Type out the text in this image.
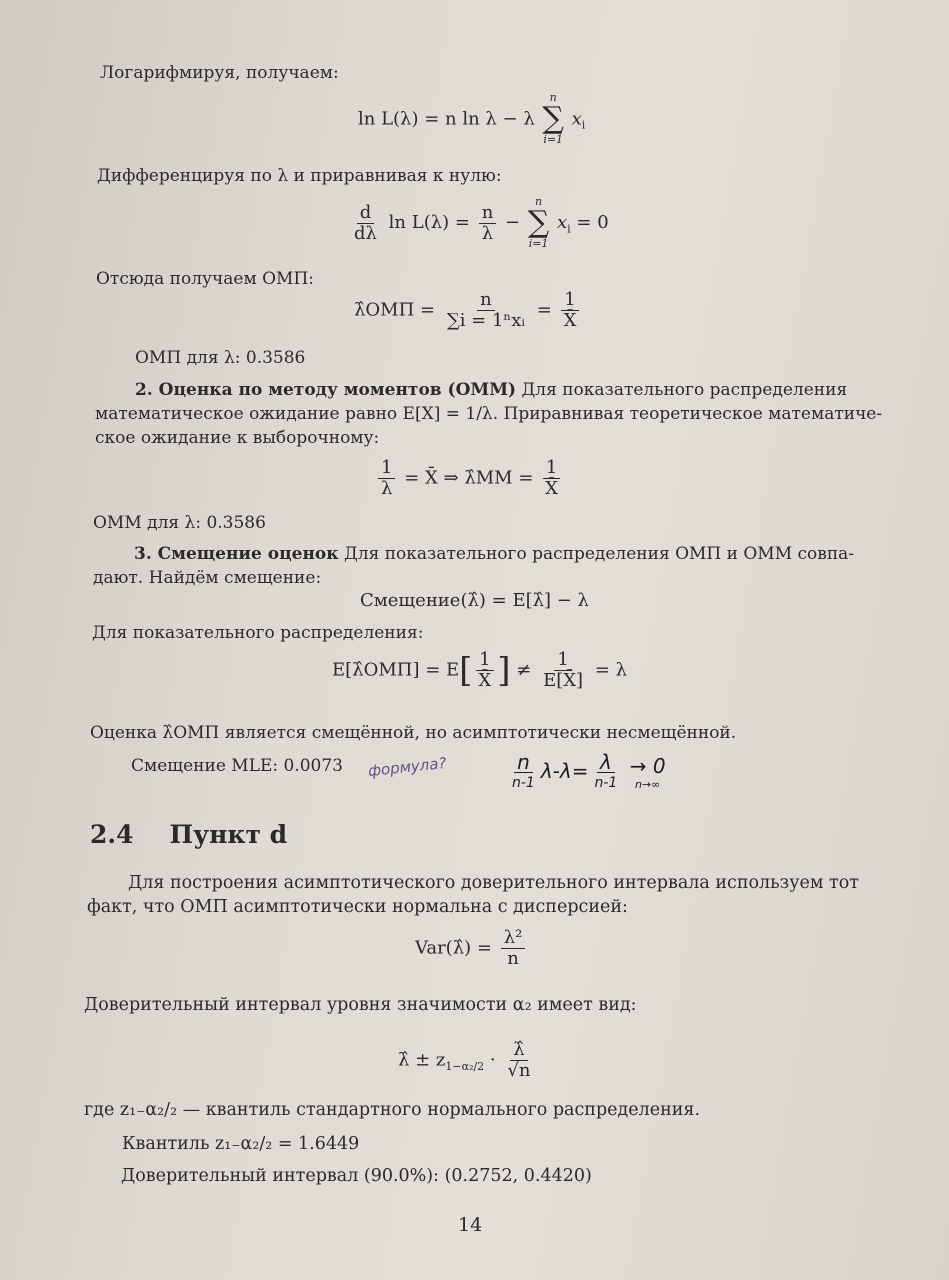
Логарифмируя, получаем:
ln L(λ) = n ln λ − λ
n
∑
i=1
$x_i$
Дифференцируя по λ и приравнивая к нулю:
$\frac{d}{d\lambda}$ $\ln L(\lambda) = \frac{n}{\lambda}$ −
n
∑
i=1
$x_i = 0$
Отсюда получаем ОМП:
λ̂ОМП = $\frac{n}{\text{∑i = 1ⁿxᵢ}} = \frac{1}{X̄}$
ОМП для λ: 0.3586
2. Оценка по методу моментов (ОММ) Для показательного распределения
математическое ожидание равно E[X] = 1/λ. Приравнивая теоретическое математиче-
ское ожидание к выборочному:
$\frac{1}{\lambda}$ = X̄ ⇒ λ̂MM = $\frac{1}{X̄}$
ОММ для λ: 0.3586
3. Смещение оценок Для показательного распределения ОМП и ОММ совпа-
дают. Найдём смещение:
Смещение(λ̂) = E[λ̂] − λ
Для показательного распределения:
E[λ̂ОМП] = $E[ \frac{1}{X̄}$ ] ≠ $\frac{1}{E[X̄]} = \lambda$
Оценка λ̂ОМП является смещённой, но асимптотически несмещённой.
Смещение MLE: 0.0073 формула?	$\frac{n}{n-1} \lambda-\lambda= \frac{\lambda}{n-1}$
→ 0
n→∞
2.4 Пункт d
Для построения асимптотического доверительного интервала используем тот
факт, что ОМП асимптотически нормальна с дисперсией:
Var(λ̂) = $\frac{\text{λ²}}{n}$
Доверительный интервал уровня значимости α₂ имеет вид:
λ̂ ± $z_{1-\alpha_2/2} \cdot \frac{\lambdâ}{√n}$
где z₁₋α₂/₂ — квантиль стандартного нормального распределения.
Квантиль z₁₋α₂/₂ = 1.6449
Доверительный интервал (90.0%): (0.2752, 0.4420)
14
